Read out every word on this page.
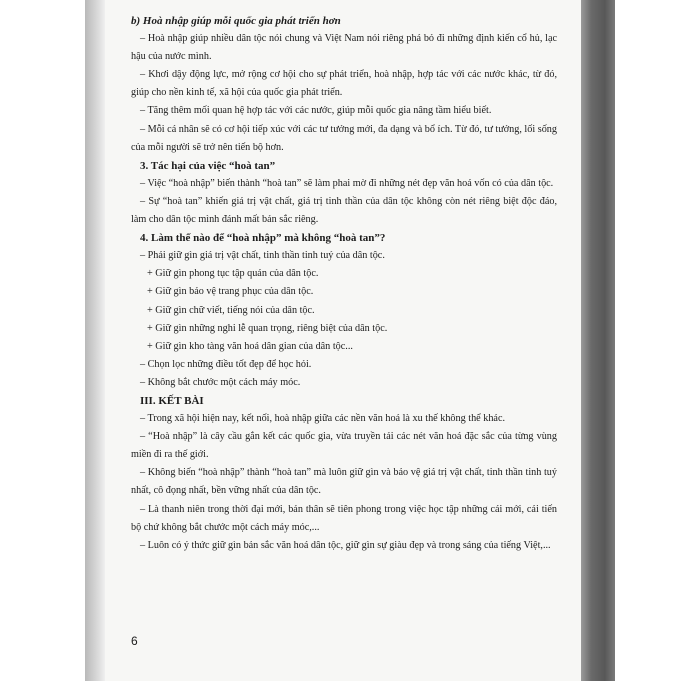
b) Hoà nhập giúp mỗi quốc gia phát triển hơn

– Hoà nhập giúp nhiều dân tộc nói chung và Việt Nam nói riêng phá bỏ đi những định kiến cổ hủ, lạc hậu của nước mình.

– Khơi dậy động lực, mở rộng cơ hội cho sự phát triển, hoà nhập, hợp tác với các nước khác, từ đó, giúp cho nền kinh tế, xã hội của quốc gia phát triển.

– Tăng thêm mối quan hệ hợp tác với các nước, giúp mỗi quốc gia nâng tầm hiểu biết.

– Mỗi cá nhân sẽ có cơ hội tiếp xúc với các tư tưởng mới, đa dạng và bổ ích. Từ đó, tư tưởng, lối sống của mỗi người sẽ trở nên tiến bộ hơn.

3. Tác hại của việc “hoà tan”

– Việc “hoà nhập” biến thành “hoà tan” sẽ làm phai mờ đi những nét đẹp văn hoá vốn có của dân tộc.

– Sự “hoà tan” khiến giá trị vật chất, giá trị tinh thần của dân tộc không còn nét riêng biệt độc đáo, làm cho dân tộc mình đánh mất bản sắc riêng.

4. Làm thế nào để “hoà nhập” mà không “hoà tan”?

– Phải giữ gìn giá trị vật chất, tinh thần tinh tuý của dân tộc.

+ Giữ gìn phong tục tập quán của dân tộc.

+ Giữ gìn bảo vệ trang phục của dân tộc.

+ Giữ gìn chữ viết, tiếng nói của dân tộc.

+ Giữ gìn những nghi lễ quan trọng, riêng biệt của dân tộc.

+ Giữ gìn kho tàng văn hoá dân gian của dân tộc...

– Chọn lọc những điều tốt đẹp để học hỏi.

– Không bắt chước một cách máy móc.

III. KẾT BÀI

– Trong xã hội hiện nay, kết nối, hoà nhập giữa các nền văn hoá là xu thế không thể khác.

– “Hoà nhập” là cây cầu gắn kết các quốc gia, vừa truyền tải các nét văn hoá đặc sắc của từng vùng miền đi ra thế giới.

– Không biến “hoà nhập” thành “hoà tan” mà luôn giữ gìn và bảo vệ giá trị vật chất, tinh thần tinh tuý nhất, cô đọng nhất, bền vững nhất của dân tộc.

– Là thanh niên trong thời đại mới, bản thân sẽ tiên phong trong việc học tập những cái mới, cái tiến bộ chứ không bắt chước một cách máy móc,...

– Luôn có ý thức giữ gìn bản sắc văn hoá dân tộc, giữ gìn sự giàu đẹp và trong sáng của tiếng Việt,...

6
